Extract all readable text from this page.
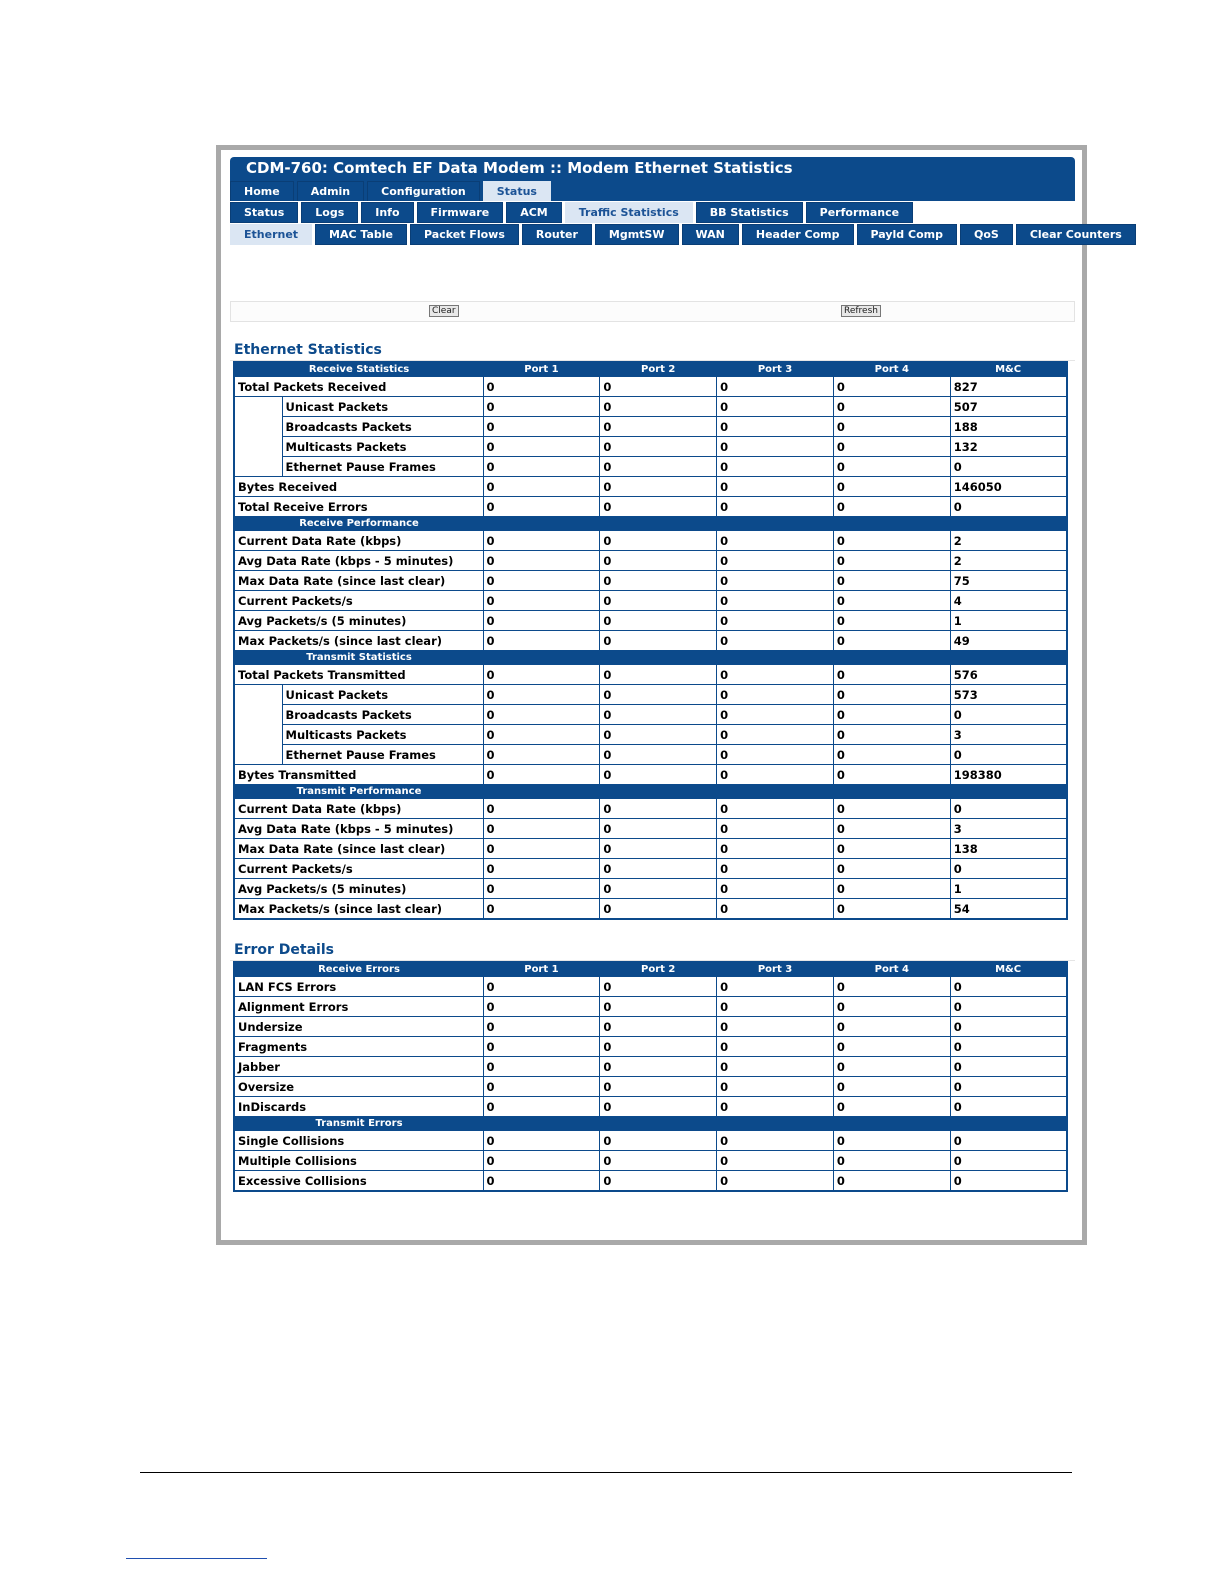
CDM-760: Comtech EF Data Modem :: Modem Ethernet Statistics
Home	Admin	Configuration	Status
Status	Logs	Info	Firmware	ACM	Traffic Statistics	BB Statistics	Performance
Ethernet	MAC Table	Packet Flows	Router	MgmtSW	WAN	Header Comp	Payld Comp	QoS	Clear Counters
Clear	Refresh
Ethernet Statistics
Receive Statistics		Port 1	Port 2	Port 3	Port 4	M&C
Total Packets Received		0	0	0	0	827
	Unicast Packets	0	0	0	0	507
	Broadcasts Packets	0	0	0	0	188
	Multicasts Packets	0	0	0	0	132
	Ethernet Pause Frames	0	0	0	0	0
Bytes Received		0	0	0	0	146050
Total Receive Errors		0	0	0	0	0
Receive Performance						
Current Data Rate (kbps)		0	0	0	0	2
Avg Data Rate (kbps - 5 minutes)		0	0	0	0	2
Max Data Rate (since last clear)		0	0	0	0	75
Current Packets/s		0	0	0	0	4
Avg Packets/s (5 minutes)		0	0	0	0	1
Max Packets/s (since last clear)		0	0	0	0	49
Transmit Statistics						
Total Packets Transmitted		0	0	0	0	576
	Unicast Packets	0	0	0	0	573
	Broadcasts Packets	0	0	0	0	0
	Multicasts Packets	0	0	0	0	3
	Ethernet Pause Frames	0	0	0	0	0
Bytes Transmitted		0	0	0	0	198380
Transmit Performance						
Current Data Rate (kbps)		0	0	0	0	0
Avg Data Rate (kbps - 5 minutes)		0	0	0	0	3
Max Data Rate (since last clear)		0	0	0	0	138
Current Packets/s		0	0	0	0	0
Avg Packets/s (5 minutes)		0	0	0	0	1
Max Packets/s (since last clear)		0	0	0	0	54
Error Details
Receive Errors	Port 1	Port 2	Port 3	Port 4	M&C
LAN FCS Errors	0	0	0	0	0
Alignment Errors	0	0	0	0	0
Undersize	0	0	0	0	0
Fragments	0	0	0	0	0
Jabber	0	0	0	0	0
Oversize	0	0	0	0	0
InDiscards	0	0	0	0	0
Transmit Errors					
Single Collisions	0	0	0	0	0
Multiple Collisions	0	0	0	0	0
Excessive Collisions	0	0	0	0	0
